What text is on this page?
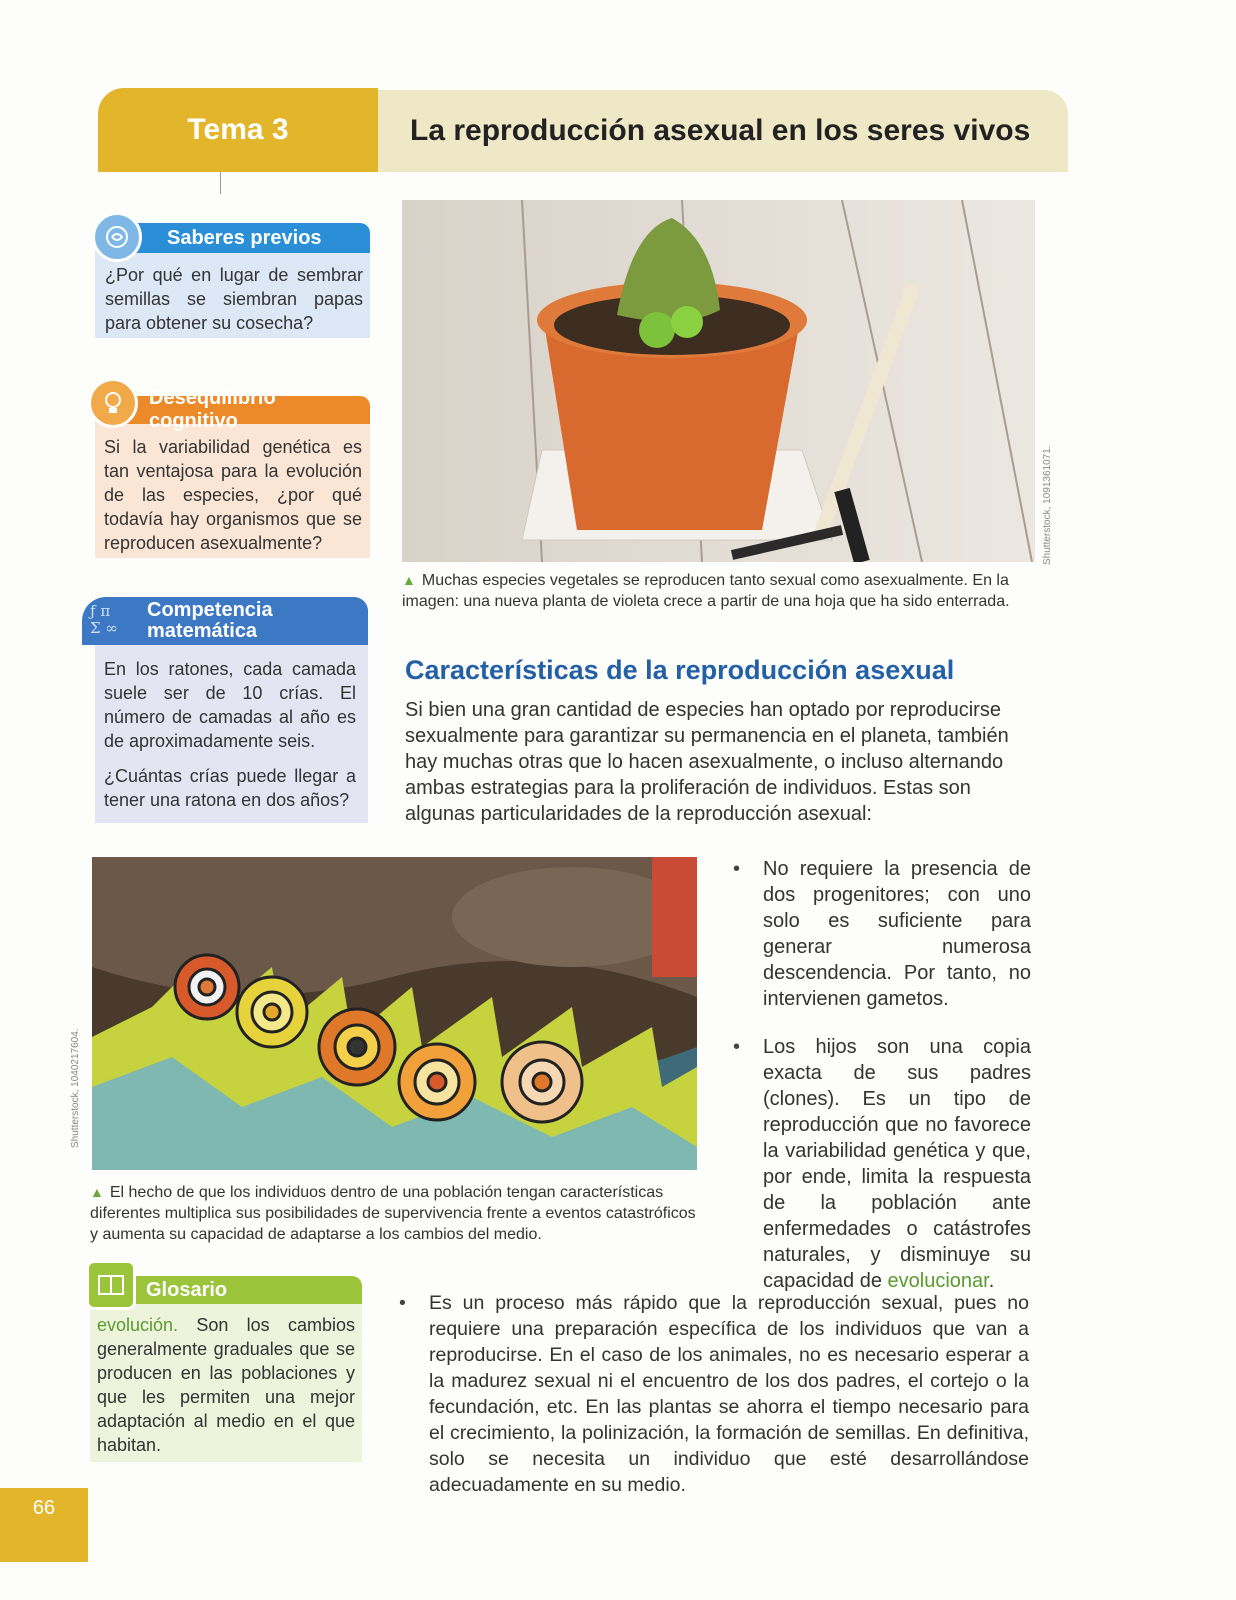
Tema 3	La reproducción asexual en los seres vivos
Saberes previos
¿Por qué en lugar de sembrar semillas se siembran papas para obtener su cosecha?
Desequilibrio cognitivo
Si la variabilidad genética es tan ventajosa para la evolución de las especies, ¿por qué todavía hay organismos que se reproducen asexualmente?
Competencia
matemática
ƒ π
Σ ∞
En los ratones, cada camada suele ser de 10 crías. El número de camadas al año es de aproximadamente seis.
¿Cuántas crías puede llegar a tener una ratona en dos años?
Shutterstock, 1091361071.
▲ Muchas especies vegetales se reproducen tanto sexual como asexualmente. En la imagen: una nueva planta de violeta crece a partir de una hoja que ha sido enterrada.
Características de la reproducción asexual
Si bien una gran cantidad de especies han optado por reproducirse sexualmente para garantizar su permanencia en el planeta, también hay muchas otras que lo hacen asexualmente, o incluso alternando ambas estrategias para la proliferación de individuos. Estas son algunas particularidades de la reproducción asexual:
Shutterstock, 1040217604.
▲ El hecho de que los individuos dentro de una población tengan características diferentes multiplica sus posibilidades de supervivencia frente a eventos catastróficos y aumenta su capacidad de adaptarse a los cambios del medio.
• No requiere la presencia de dos progenitores; con uno solo es suficiente para generar numerosa descendencia. Por tanto, no intervienen gametos.
• Los hijos son una copia exacta de sus padres (clones). Es un tipo de reproducción que no favorece la variabilidad genética y que, por ende, limita la respuesta de la población ante enfermedades o catástrofes naturales, y disminuye su capacidad de evolucionar.
• Es un proceso más rápido que la reproducción sexual, pues no requiere una preparación específica de los individuos que van a reproducirse. En el caso de los animales, no es necesario esperar a la madurez sexual ni el encuentro de los dos padres, el cortejo o la fecundación, etc. En las plantas se ahorra el tiempo necesario para el crecimiento, la polinización, la formación de semillas. En definitiva, solo se necesita un individuo que esté desarrollándose adecuadamente en su medio.
Glosario
evolución. Son los cambios generalmente graduales que se producen en las poblaciones y que les permiten una mejor adaptación al medio en el que habitan.
66
